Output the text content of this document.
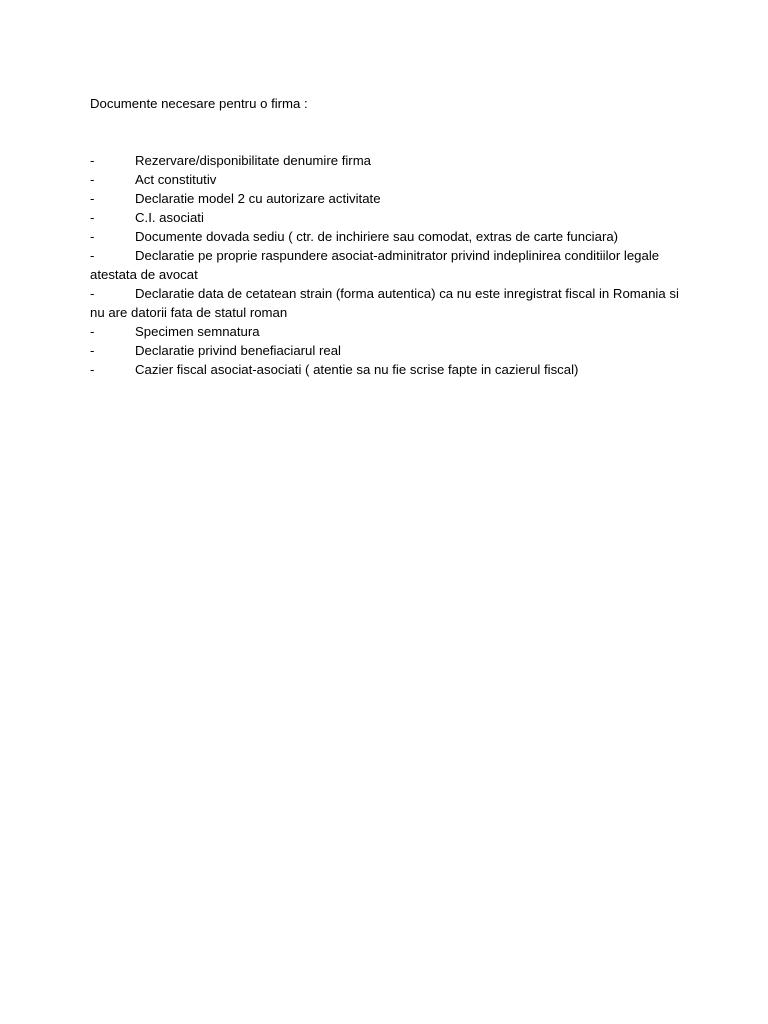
Documente necesare pentru o firma :

-	Rezervare/disponibilitate denumire firma

-	Act constitutiv

-	Declaratie model 2 cu autorizare activitate

-	C.I. asociati

-	Documente dovada sediu ( ctr. de inchiriere sau comodat, extras de carte funciara)

-	Declaratie pe proprie raspundere asociat-adminitrator privind indeplinirea conditiilor legale atestata de avocat

-	Declaratie data de cetatean strain (forma autentica) ca nu este inregistrat fiscal in Romania si nu are datorii fata de statul roman

-	Specimen semnatura

-	Declaratie privind benefiaciarul real

-	Cazier fiscal asociat-asociati ( atentie sa nu fie scrise fapte in cazierul fiscal)
